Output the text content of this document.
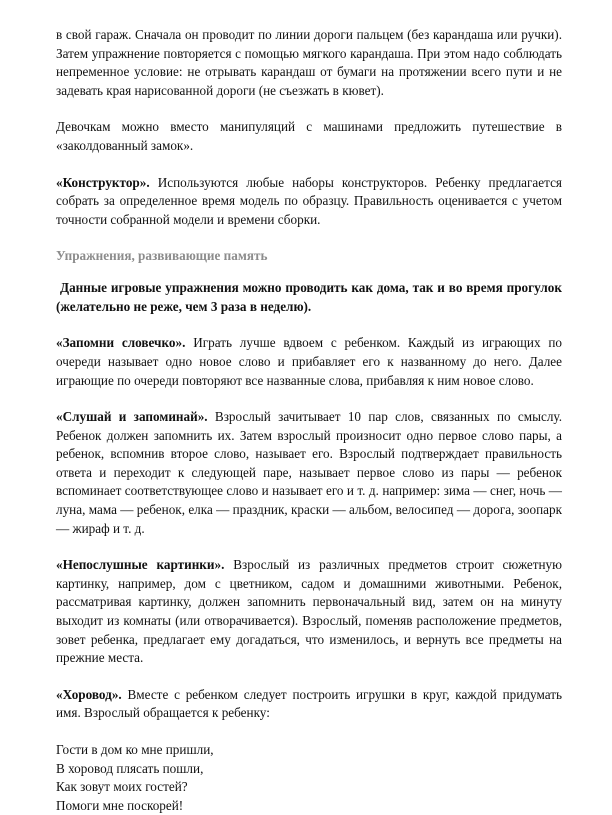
в свой гараж. Сначала он проводит по линии дороги пальцем (без карандаша или ручки). Затем упражнение повторяется с помощью мягкого карандаша. При этом надо соблюдать непременное условие: не отрывать карандаш от бумаги на протяжении всего пути и не задевать края нарисованной дороги (не съезжать в кювет).

Девочкам можно вместо манипуляций с машинами предложить путешествие в «заколдованный замок».

«Конструктор». Используются любые наборы конструкторов. Ребенку предлагается собрать за определенное время модель по образцу. Правильность оценивается с учетом точности собранной модели и времени сборки.

Упражнения, развивающие память

Данные игровые упражнения можно проводить как дома, так и во время прогулок (желательно не реже, чем 3 раза в неделю).

«Запомни словечко». Играть лучше вдвоем с ребенком. Каждый из играющих по очереди называет одно новое слово и прибавляет его к названному до него. Далее играющие по очереди повторяют все названные слова, прибавляя к ним новое слово.

«Слушай и запоминай». Взрослый зачитывает 10 пар слов, связанных по смыслу. Ребенок должен запомнить их. Затем взрослый произносит одно первое слово пары, а ребенок, вспомнив второе слово, называет его. Взрослый подтверждает правильность ответа и переходит к следующей паре, называет первое слово из пары — ребенок вспоминает соответствующее слово и называет его и т. д. например: зима — снег, ночь — луна, мама — ребенок, елка — праздник, краски — альбом, велосипед — дорога, зоопарк — жираф и т. д.

«Непослушные картинки». Взрослый из различных предметов строит сюжетную картинку, например, дом с цветником, садом и домашними животными. Ребенок, рассматривая картинку, должен запомнить первоначальный вид, затем он на минуту выходит из комнаты (или отворачивается). Взрослый, поменяв расположение предметов, зовет ребенка, предлагает ему догадаться, что изменилось, и вернуть все предметы на прежние места.

«Хоровод». Вместе с ребенком следует построить игрушки в круг, каждой придумать имя. Взрослый обращается к ребенку:

Гости в дом ко мне пришли,
В хоровод плясать пошли,
Как зовут моих гостей?
Помоги мне поскорей!
